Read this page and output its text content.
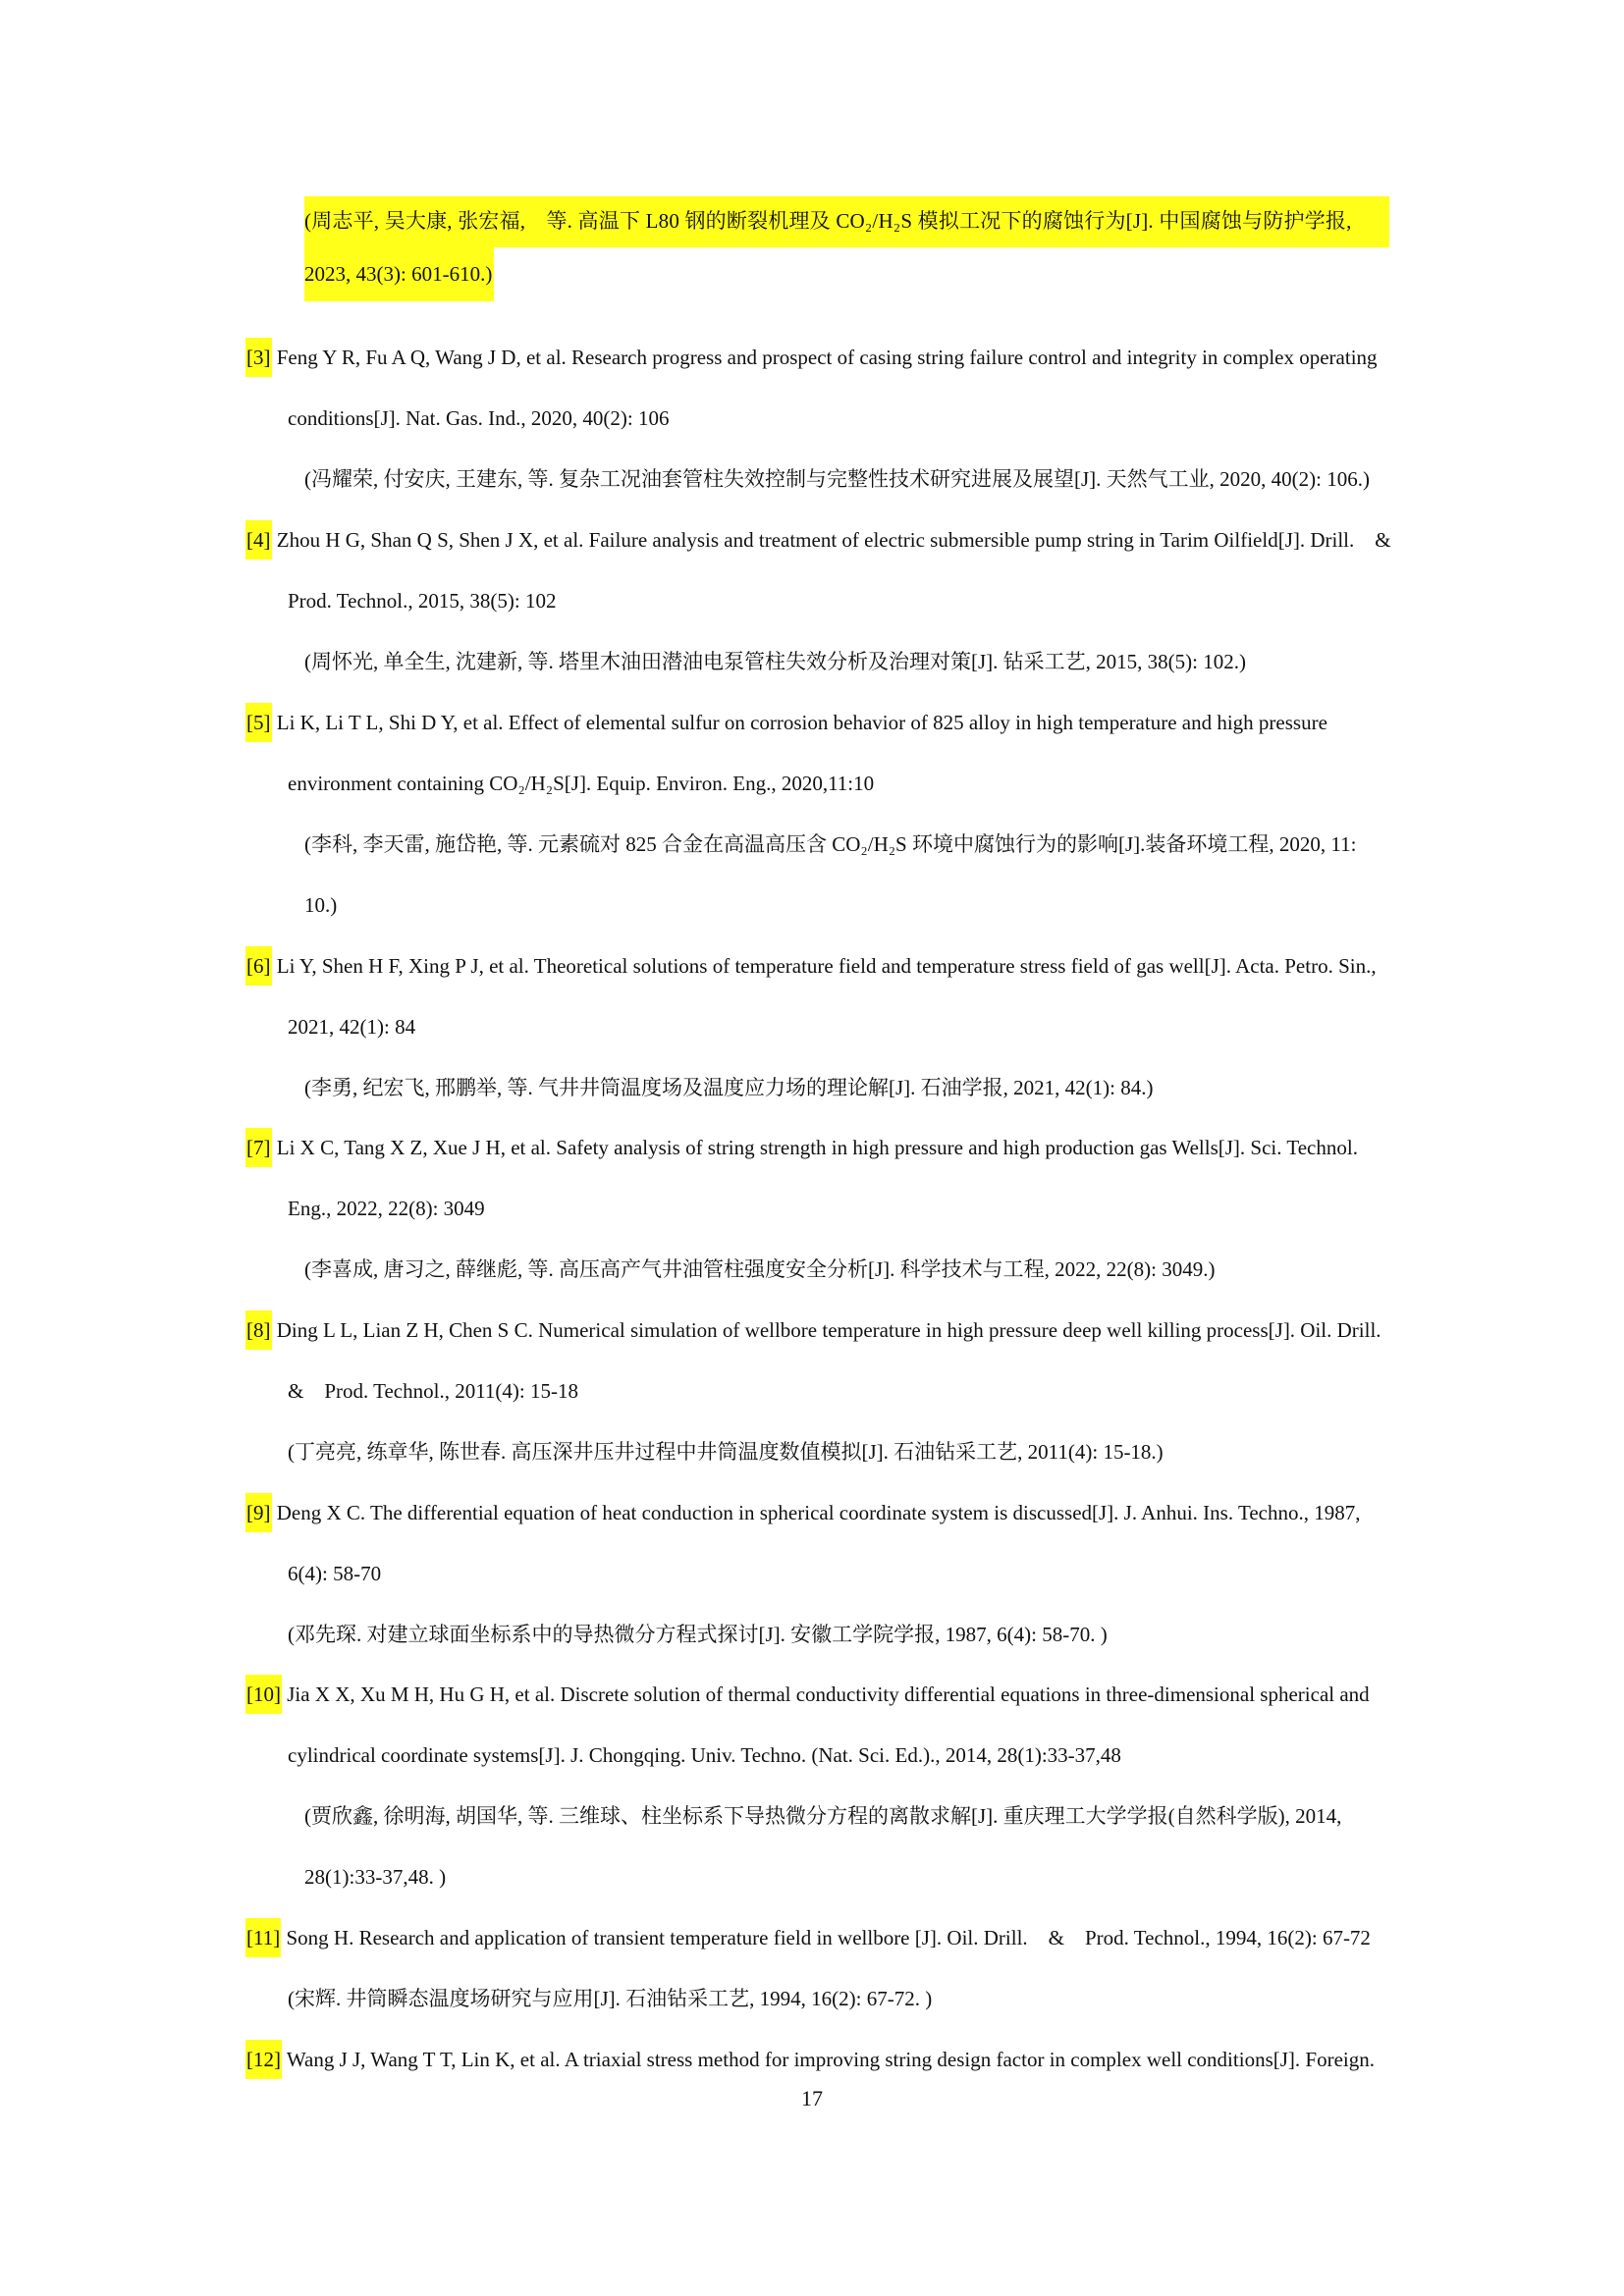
(周志平, 吴大康, 张宏福,　等. 高温下 L80 钢的断裂机理及 CO₂/H₂S 模拟工况下的腐蚀行为[J]. 中国腐蚀与防护学报,
2023, 43(3): 601-610.)
[3] Feng Y R, Fu A Q, Wang J D, et al. Research progress and prospect of casing string failure control and integrity in complex operating
conditions[J]. Nat. Gas. Ind., 2020, 40(2): 106
(冯耀荣, 付安庆, 王建东, 等. 复杂工况油套管柱失效控制与完整性技术研究进展及展望[J]. 天然气工业, 2020, 40(2): 106.)
[4] Zhou H G, Shan Q S, Shen J X, et al. Failure analysis and treatment of electric submersible pump string in Tarim Oilfield[J]. Drill.　&
Prod. Technol., 2015, 38(5): 102
(周怀光, 单全生, 沈建新, 等. 塔里木油田潜油电泵管柱失效分析及治理对策[J]. 钻采工艺, 2015, 38(5): 102.)
[5] Li K, Li T L, Shi D Y, et al. Effect of elemental sulfur on corrosion behavior of 825 alloy in high temperature and high pressure
environment containing CO₂/H₂S[J]. Equip. Environ. Eng., 2020,11:10
(李科, 李天雷, 施岱艳, 等. 元素硫对 825 合金在高温高压含 CO₂/H₂S 环境中腐蚀行为的影响[J].装备环境工程, 2020, 11:
10.)
[6] Li Y, Shen H F, Xing P J, et al. Theoretical solutions of temperature field and temperature stress field of gas well[J]. Acta. Petro. Sin.,
2021, 42(1): 84
(李勇, 纪宏飞, 邢鹏举, 等. 气井井筒温度场及温度应力场的理论解[J]. 石油学报, 2021, 42(1): 84.)
[7] Li X C, Tang X Z, Xue J H, et al. Safety analysis of string strength in high pressure and high production gas Wells[J]. Sci. Technol.
Eng., 2022, 22(8): 3049
(李喜成, 唐习之, 薛继彪, 等. 高压高产气井油管柱强度安全分析[J]. 科学技术与工程, 2022, 22(8): 3049.)
[8] Ding L L, Lian Z H, Chen S C. Numerical simulation of wellbore temperature in high pressure deep well killing process[J]. Oil. Drill.
&　Prod. Technol., 2011(4): 15-18
(丁亮亮, 练章华, 陈世春. 高压深井压井过程中井筒温度数值模拟[J]. 石油钻采工艺, 2011(4): 15-18.)
[9] Deng X C. The differential equation of heat conduction in spherical coordinate system is discussed[J]. J. Anhui. Ins. Techno., 1987,
6(4): 58-70
(邓先琛. 对建立球面坐标系中的导热微分方程式探讨[J]. 安徽工学院学报, 1987, 6(4): 58-70. )
[10] Jia X X, Xu M H, Hu G H, et al. Discrete solution of thermal conductivity differential equations in three-dimensional spherical and
cylindrical coordinate systems[J]. J. Chongqing. Univ. Techno. (Nat. Sci. Ed.)., 2014, 28(1):33-37,48
(贾欣鑫, 徐明海, 胡国华, 等. 三维球、柱坐标系下导热微分方程的离散求解[J]. 重庆理工大学学报(自然科学版), 2014,
28(1):33-37,48. )
[11] Song H. Research and application of transient temperature field in wellbore [J]. Oil. Drill.　&　Prod. Technol., 1994, 16(2): 67-72
(宋辉. 井筒瞬态温度场研究与应用[J]. 石油钻采工艺, 1994, 16(2): 67-72. )
[12] Wang J J, Wang T T, Lin K, et al. A triaxial stress method for improving string design factor in complex well conditions[J]. Foreign.
17
